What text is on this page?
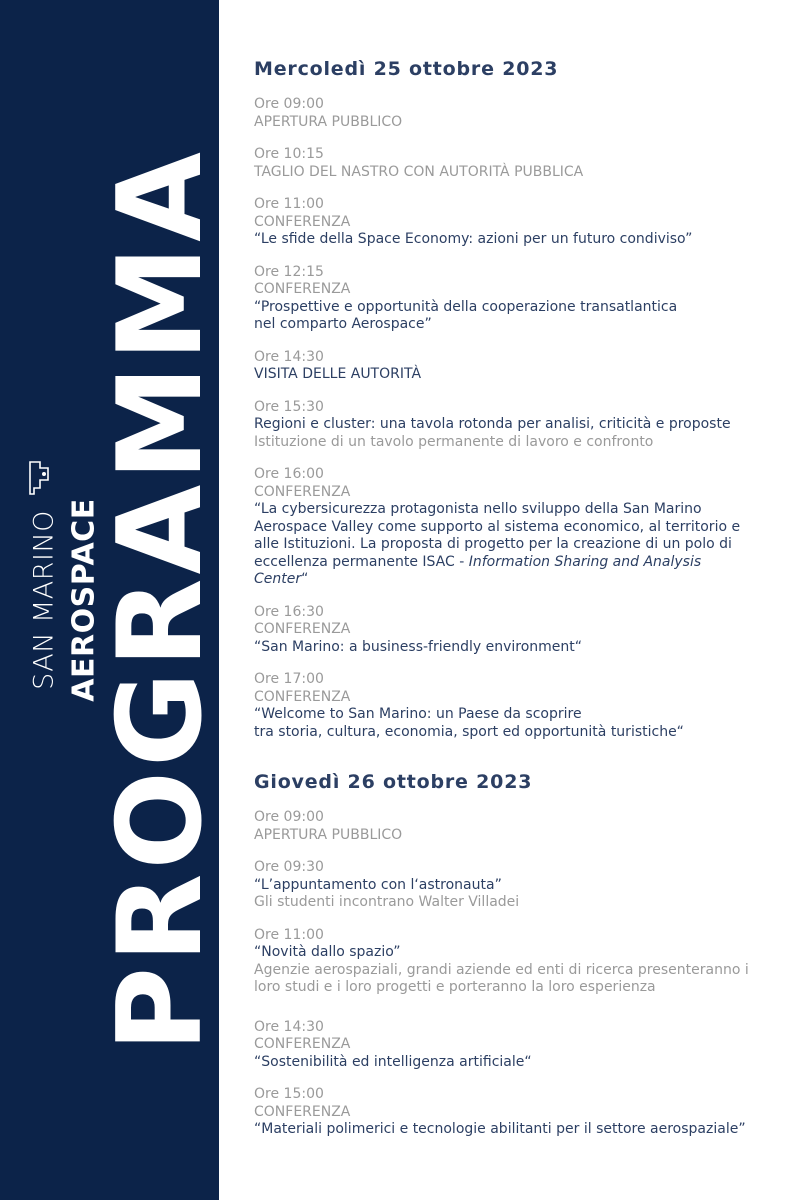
PROGRAMMA
SAN MARINO AEROSPACE
Mercoledì 25 ottobre 2023
Ore 09:00
APERTURA PUBBLICO
Ore 10:15
TAGLIO DEL NASTRO CON AUTORITÀ PUBBLICA
Ore 11:00
CONFERENZA
“Le sfide della Space Economy: azioni per un futuro condiviso”
Ore 12:15
CONFERENZA
“Prospettive e opportunità della cooperazione transatlantica
nel comparto Aerospace”
Ore 14:30
VISITA DELLE AUTORITÀ
Ore 15:30
Regioni e cluster: una tavola rotonda per analisi, criticità e proposte
Istituzione di un tavolo permanente di lavoro e confronto
Ore 16:00
CONFERENZA
“La cybersicurezza protagonista nello sviluppo della San Marino
Aerospace Valley come supporto al sistema economico, al territorio e
alle Istituzioni. La proposta di progetto per la creazione di un polo di
eccellenza permanente ISAC - Information Sharing and Analysis
Center“
Ore 16:30
CONFERENZA
“San Marino: a business-friendly environment“
Ore 17:00
CONFERENZA
“Welcome to San Marino: un Paese da scoprire
tra storia, cultura, economia, sport ed opportunità turistiche“
Giovedì 26 ottobre 2023
Ore 09:00
APERTURA PUBBLICO
Ore 09:30
“L’appuntamento con l‘astronauta”
Gli studenti incontrano Walter Villadei
Ore 11:00
“Novità dallo spazio”
Agenzie aerospaziali, grandi aziende ed enti di ricerca presenteranno i
loro studi e i loro progetti e porteranno la loro esperienza
Ore 14:30
CONFERENZA
“Sostenibilità ed intelligenza artificiale“
Ore 15:00
CONFERENZA
“Materiali polimerici e tecnologie abilitanti per il settore aerospaziale”
